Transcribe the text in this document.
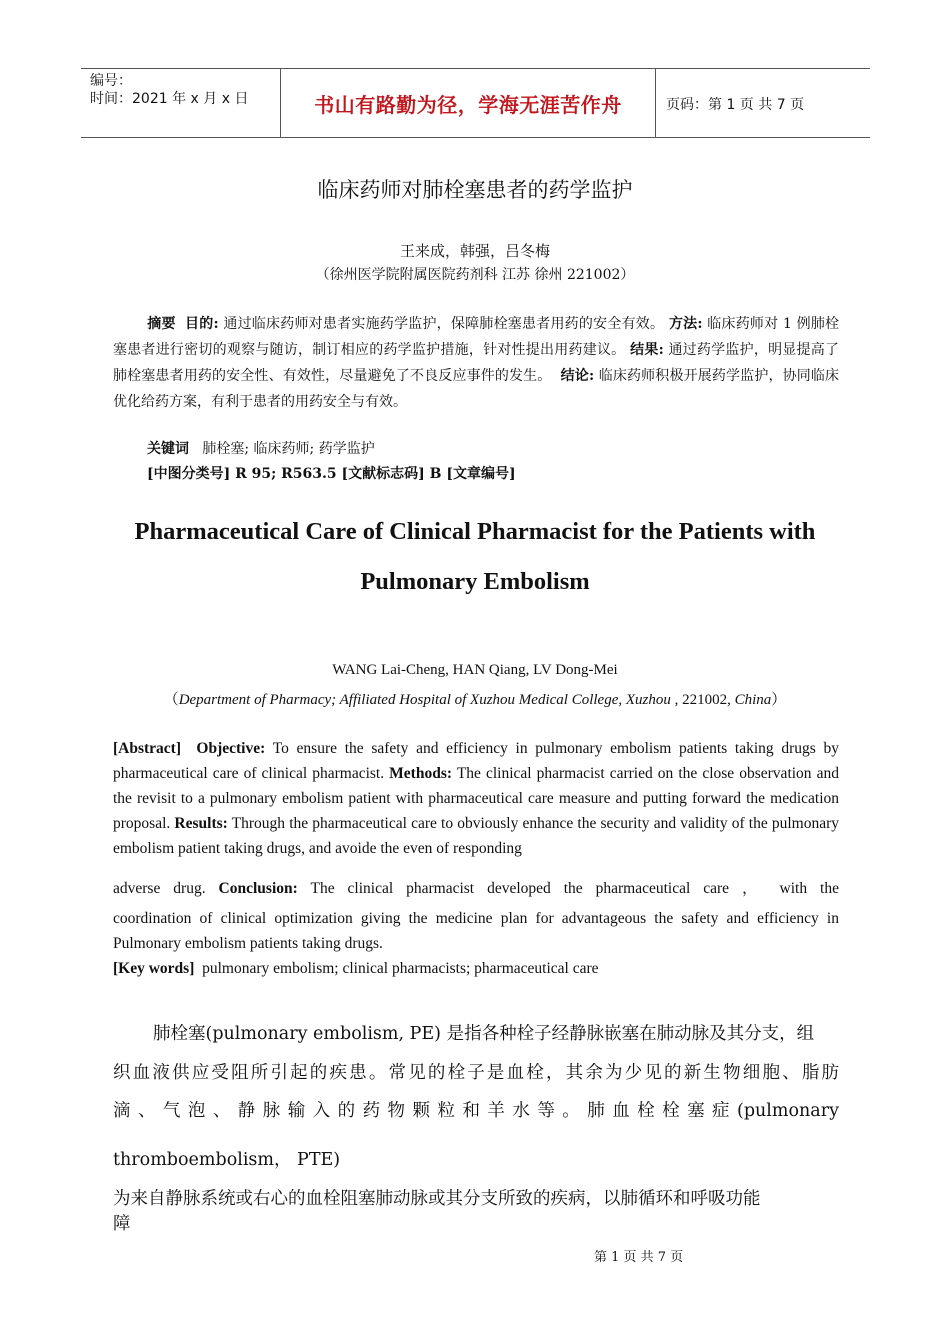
编号：
时间：2021 年 x 月 x 日	书山有路勤为径，学海无涯苦作舟	页码：第 1 页 共 7 页
临床药师对肺栓塞患者的药学监护
王来成，韩强，吕冬梅
（徐州医学院附属医院药剂科 江苏 徐州 221002）
摘要 目的: 通过临床药师对患者实施药学监护，保障肺栓塞患者用药的安全有效。 方法: 临床药师对 1 例肺栓塞患者进行密切的观察与随访，制订相应的药学监护措施，针对性提出用药建议。 结果: 通过药学监护，明显提高了肺栓塞患者用药的安全性、有效性，尽量避免了不良反应事件的发生。 结论: 临床药师积极开展药学监护，协同临床优化给药方案，有利于患者的用药安全与有效。
关键词 肺栓塞; 临床药师; 药学监护
[中图分类号] R 95; R563.5 [文献标志码] B [文章编号]
Pharmaceutical Care of Clinical Pharmacist for the Patients with
Pulmonary Embolism
WANG Lai-Cheng, HAN Qiang, LV Dong-Mei
（Department of Pharmacy; Affiliated Hospital of Xuzhou Medical College, Xuzhou , 221002, China）
[Abstract] Objective: To ensure the safety and efficiency in pulmonary embolism patients taking drugs by pharmaceutical care of clinical pharmacist. Methods: The clinical pharmacist carried on the close observation and the revisit to a pulmonary embolism patient with pharmaceutical care measure and putting forward the medication proposal. Results: Through the pharmaceutical care to obviously enhance the security and validity of the pulmonary embolism patient taking drugs, and avoide the even of responding
adverse drug. Conclusion: The clinical pharmacist developed the pharmaceutical care ， with the
coordination of clinical optimization giving the medicine plan for advantageous the safety and efficiency in
Pulmonary embolism patients taking drugs.
[Key words] pulmonary embolism; clinical pharmacists; pharmaceutical care
肺栓塞(pulmonary embolism, PE) 是指各种栓子经静脉嵌塞在肺动脉及其分支，组
织血液供应受阻所引起的疾患。常见的栓子是血栓，其余为少见的新生物细胞、脂肪
滴 、 气 泡 、 静 脉 输 入 的 药 物 颗 粒 和 羊 水 等 。 肺 血 栓 栓 塞 症 (pulmonary
thromboembolism， PTE)
为来自静脉系统或右心的血栓阻塞肺动脉或其分支所致的疾病，以肺循环和呼吸功能
障
第 1 页 共 7 页
